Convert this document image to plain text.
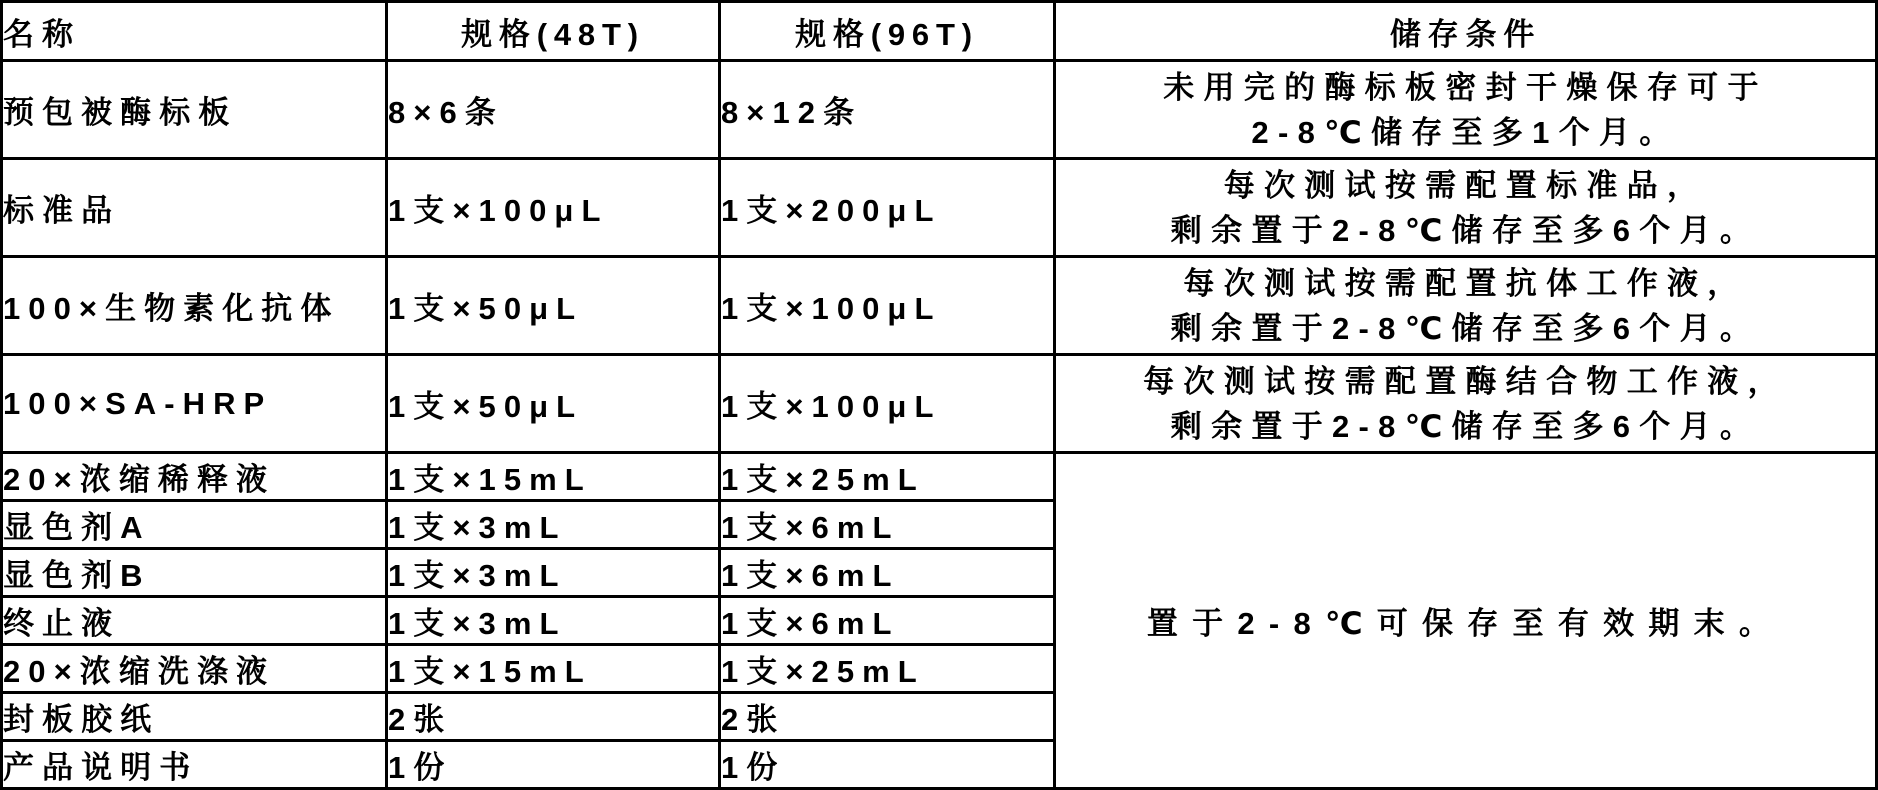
名称	规格(48T)	规格(96T)	储存条件
预包被酶标板	8×6条	8×12条	未用完的酶标板密封干燥保存可于
2-8℃储存至多1个月。

标准品	1支×100μL	1支×200μL	每次测试按需配置标准品，
剩余置于2-8℃储存至多6个月。

100×生物素化抗体	1支×50μL	1支×100μL	每次测试按需配置抗体工作液，
剩余置于2-8℃储存至多6个月。

100×SA-HRP	1支×50μL	1支×100μL	每次测试按需配置酶结合物工作液，
剩余置于2-8℃储存至多6个月。

20×浓缩稀释液	1支×15mL	1支×25mL	置于2-8℃可保存至有效期末。
显色剂A	1支×3mL	1支×6mL	
显色剂B	1支×3mL	1支×6mL	
终止液	1支×3mL	1支×6mL	
20×浓缩洗涤液	1支×15mL	1支×25mL	
封板胶纸	2张	2张	
产品说明书	1份	1份	
